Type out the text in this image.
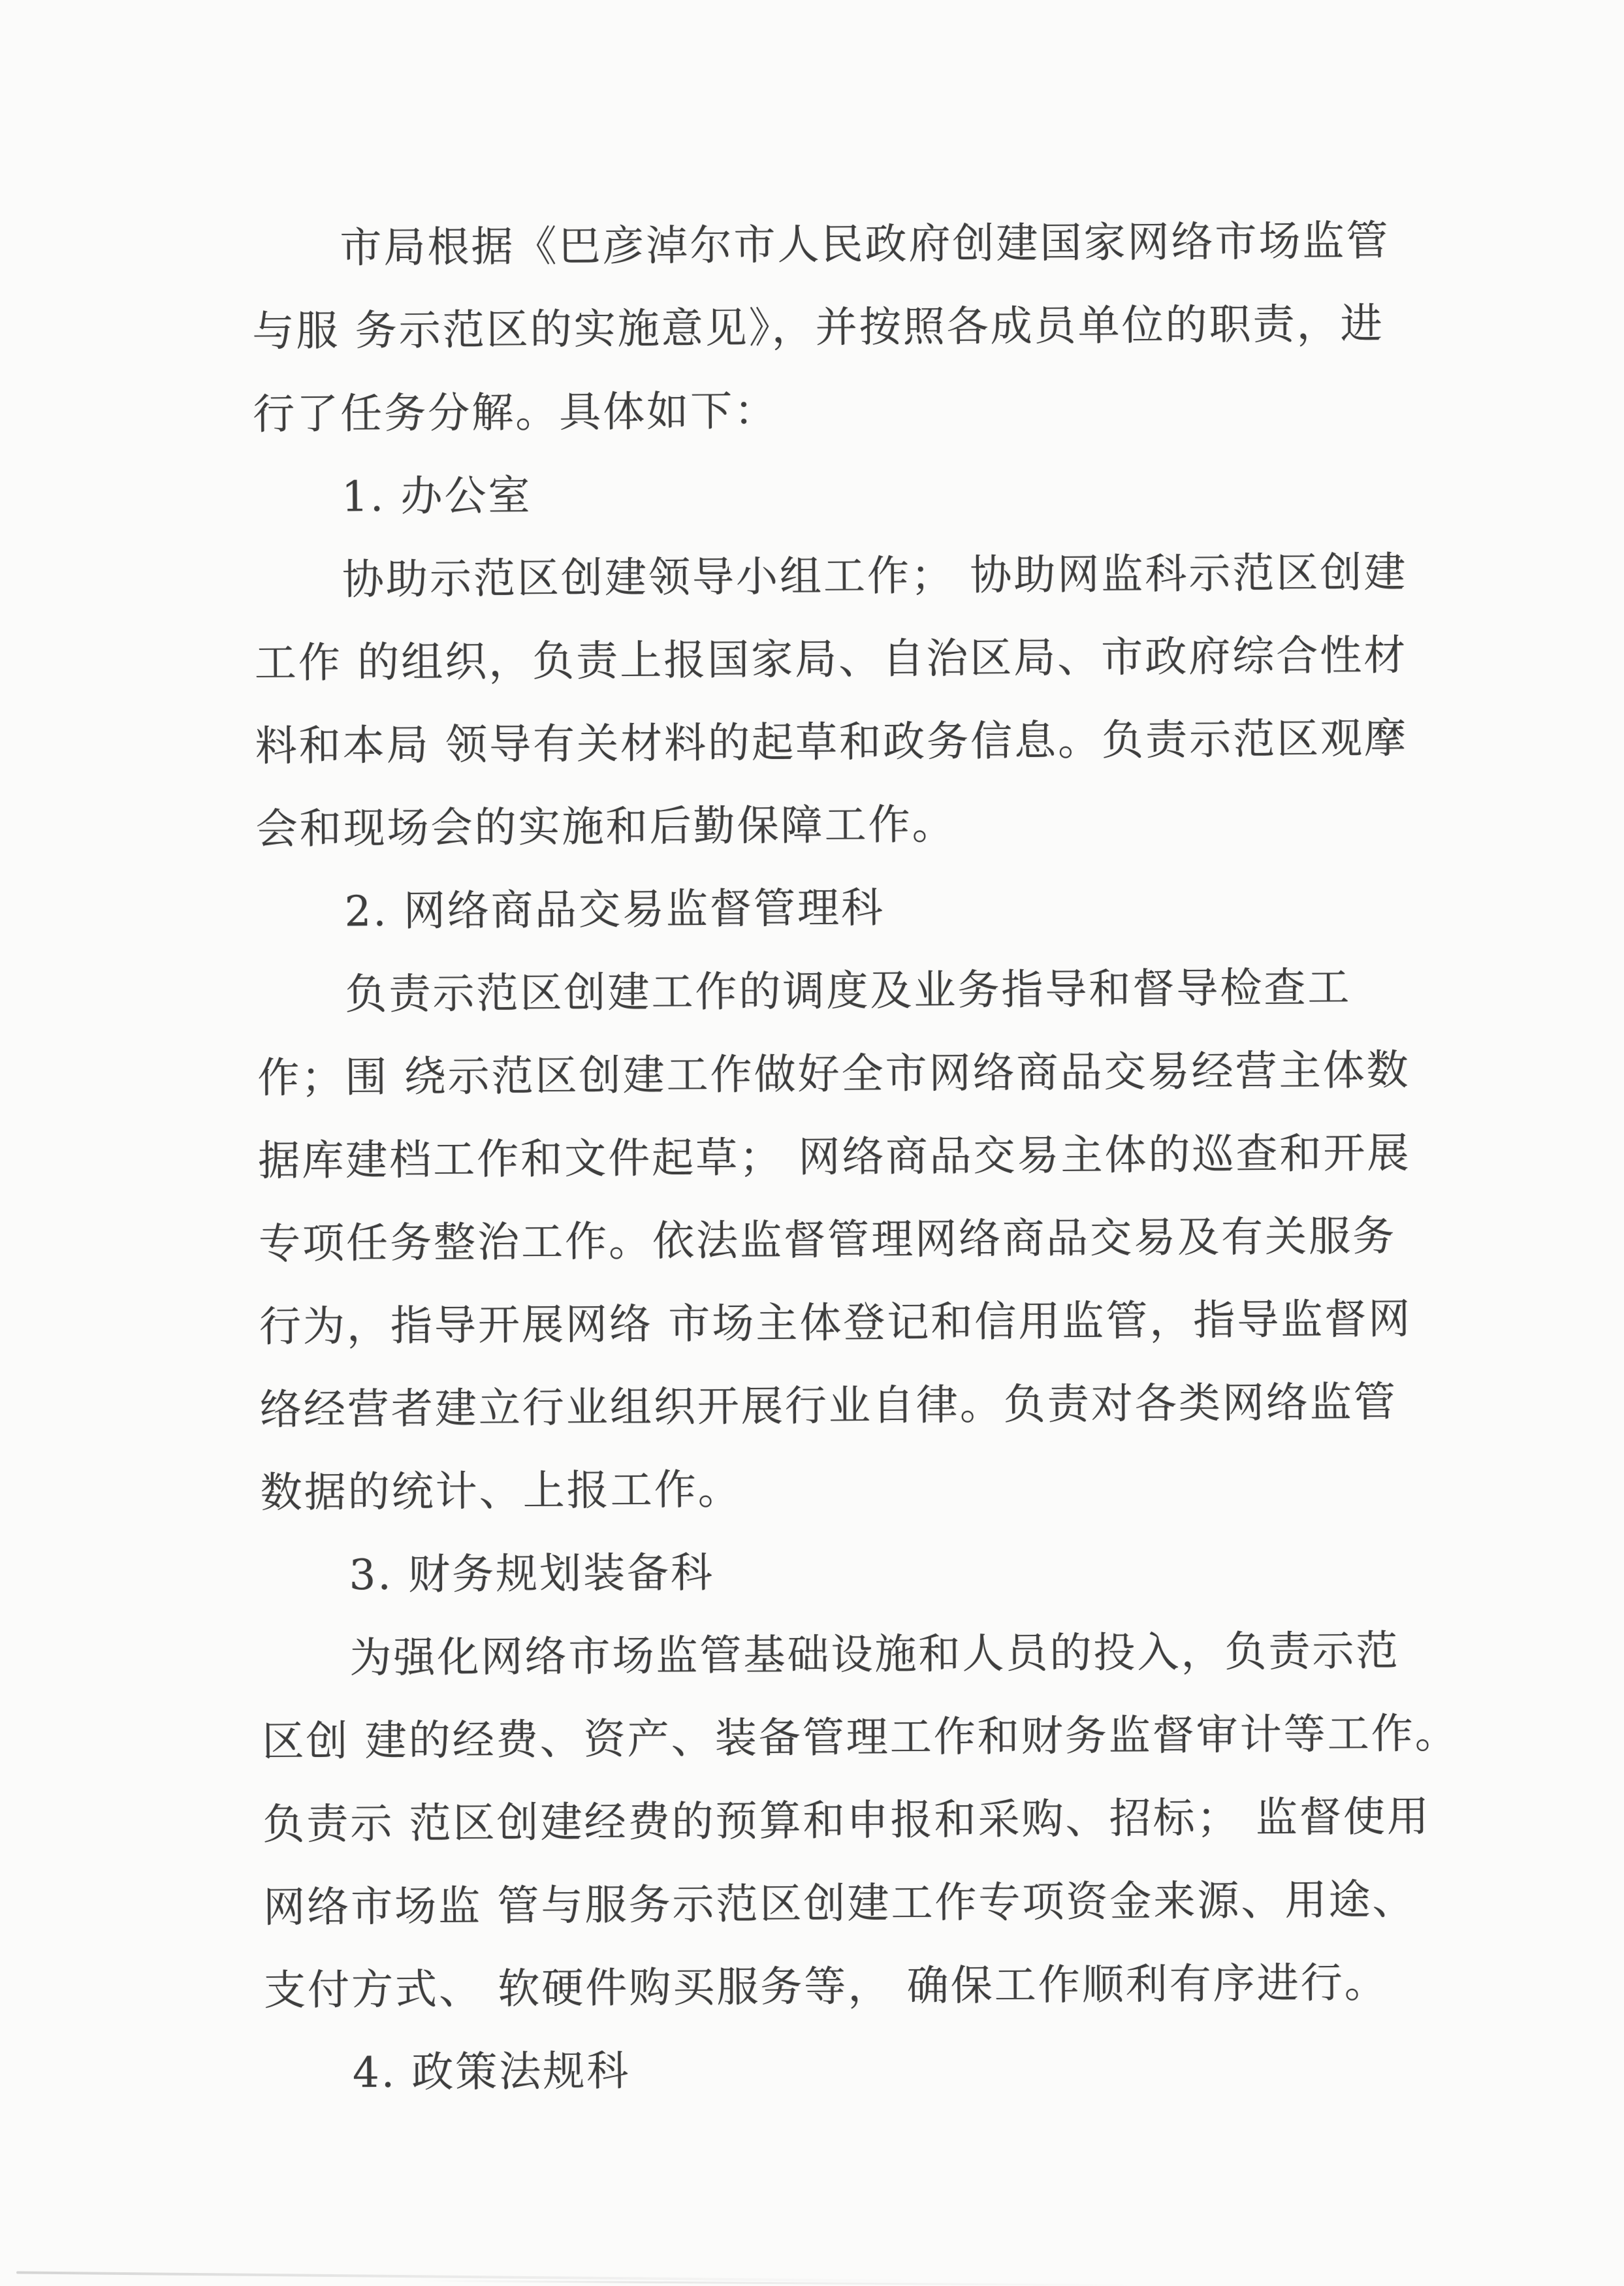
市局根据《巴彦淖尔市人民政府创建国家网络市场监管
与服 务示范区的实施意见》，并按照各成员单位的职责，进
行了任务分解。具体如下：
1. 办公室
协助示范区创建领导小组工作； 协助网监科示范区创建
工作 的组织，负责上报国家局、自治区局、市政府综合性材
料和本局 领导有关材料的起草和政务信息。负责示范区观摩
会和现场会的实施和后勤保障工作。
2. 网络商品交易监督管理科
负责示范区创建工作的调度及业务指导和督导检查工
作；围 绕示范区创建工作做好全市网络商品交易经营主体数
据库建档工作和文件起草； 网络商品交易主体的巡查和开展
专项任务整治工作。依法监督管理网络商品交易及有关服务
行为，指导开展网络 市场主体登记和信用监管，指导监督网
络经营者建立行业组织开展行业自律。负责对各类网络监管
数据的统计、上报工作。
3. 财务规划装备科
为强化网络市场监管基础设施和人员的投入，负责示范
区创 建的经费、资产、装备管理工作和财务监督审计等工作。
负责示 范区创建经费的预算和申报和采购、招标； 监督使用
网络市场监 管与服务示范区创建工作专项资金来源、用途、
支付方式、 软硬件购买服务等， 确保工作顺利有序进行。
4. 政策法规科
